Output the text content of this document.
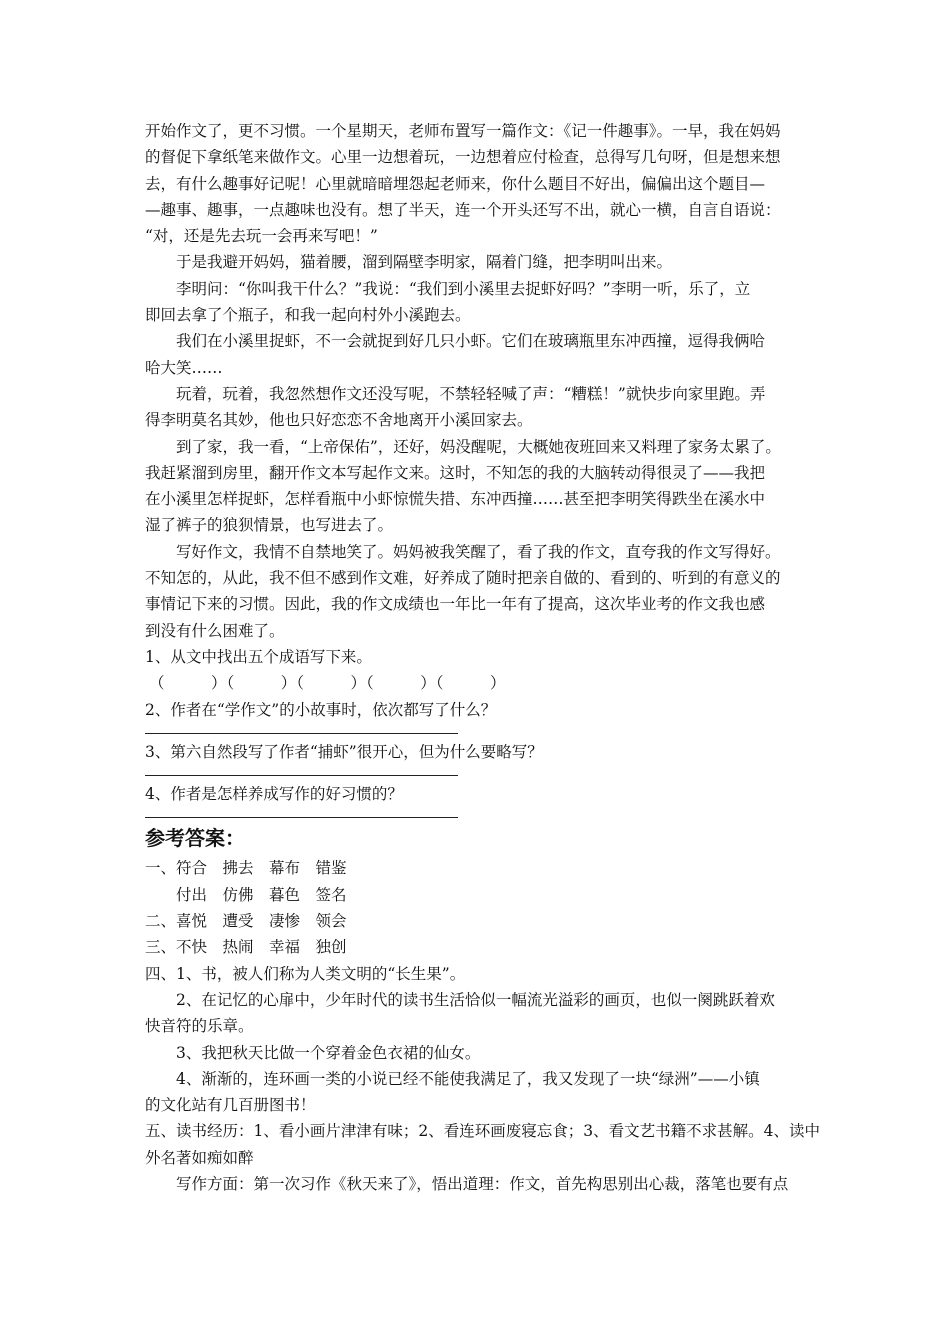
开始作文了，更不习惯。一个星期天，老师布置写一篇作文：《记一件趣事》。一早，我在妈妈

的督促下拿纸笔来做作文。心里一边想着玩，一边想着应付检查，总得写几句呀，但是想来想

去，有什么趣事好记呢！心里就暗暗埋怨起老师来，你什么题目不好出，偏偏出这个题目—

—趣事、趣事，一点趣味也没有。想了半天，连一个开头还写不出，就心一横，自言自语说：

“对，还是先去玩一会再来写吧！”

于是我避开妈妈，猫着腰，溜到隔壁李明家，隔着门缝，把李明叫出来。

李明问：“你叫我干什么？”我说：“我们到小溪里去捉虾好吗？”李明一听，乐了，立

即回去拿了个瓶子，和我一起向村外小溪跑去。

我们在小溪里捉虾，不一会就捉到好几只小虾。它们在玻璃瓶里东冲西撞，逗得我俩哈

哈大笑……

玩着，玩着，我忽然想作文还没写呢，不禁轻轻喊了声：“糟糕！”就快步向家里跑。弄

得李明莫名其妙，他也只好恋恋不舍地离开小溪回家去。

到了家，我一看，“上帝保佑”，还好，妈没醒呢，大概她夜班回来又料理了家务太累了。

我赶紧溜到房里，翻开作文本写起作文来。这时，不知怎的我的大脑转动得很灵了——我把

在小溪里怎样捉虾，怎样看瓶中小虾惊慌失措、东冲西撞……甚至把李明笑得跌坐在溪水中

湿了裤子的狼狈情景，也写进去了。

写好作文，我情不自禁地笑了。妈妈被我笑醒了，看了我的作文，直夸我的作文写得好。

不知怎的，从此，我不但不感到作文难，好养成了随时把亲自做的、看到的、听到的有意义的

事情记下来的习惯。因此，我的作文成绩也一年比一年有了提高，这次毕业考的作文我也感

到没有什么困难了。

1、从文中找出五个成语写下来。

（　　　）（　　　）（　　　）（　　　）（　　　）

2、作者在“学作文”的小故事时，依次都写了什么？

3、第六自然段写了作者“捕虾”很开心，但为什么要略写？

4、作者是怎样养成写作的好习惯的？

参考答案：

一、符合　拂去　幕布　错鉴

付出　仿佛　暮色　签名

二、喜悦　遭受　凄惨　领会

三、不快　热闹　幸福　独创

四、1、书，被人们称为人类文明的“长生果”。

2、在记忆的心扉中，少年时代的读书生活恰似一幅流光溢彩的画页，也似一阕跳跃着欢

快音符的乐章。

3、我把秋天比做一个穿着金色衣裙的仙女。

4、渐渐的，连环画一类的小说已经不能使我满足了，我又发现了一块“绿洲”——小镇

的文化站有几百册图书！

五、读书经历：1、看小画片津津有味；2、看连环画废寝忘食；3、看文艺书籍不求甚解。4、读中

外名著如痴如醉

写作方面：第一次习作《秋天来了》，悟出道理：作文，首先构思别出心裁，落笔也要有点
